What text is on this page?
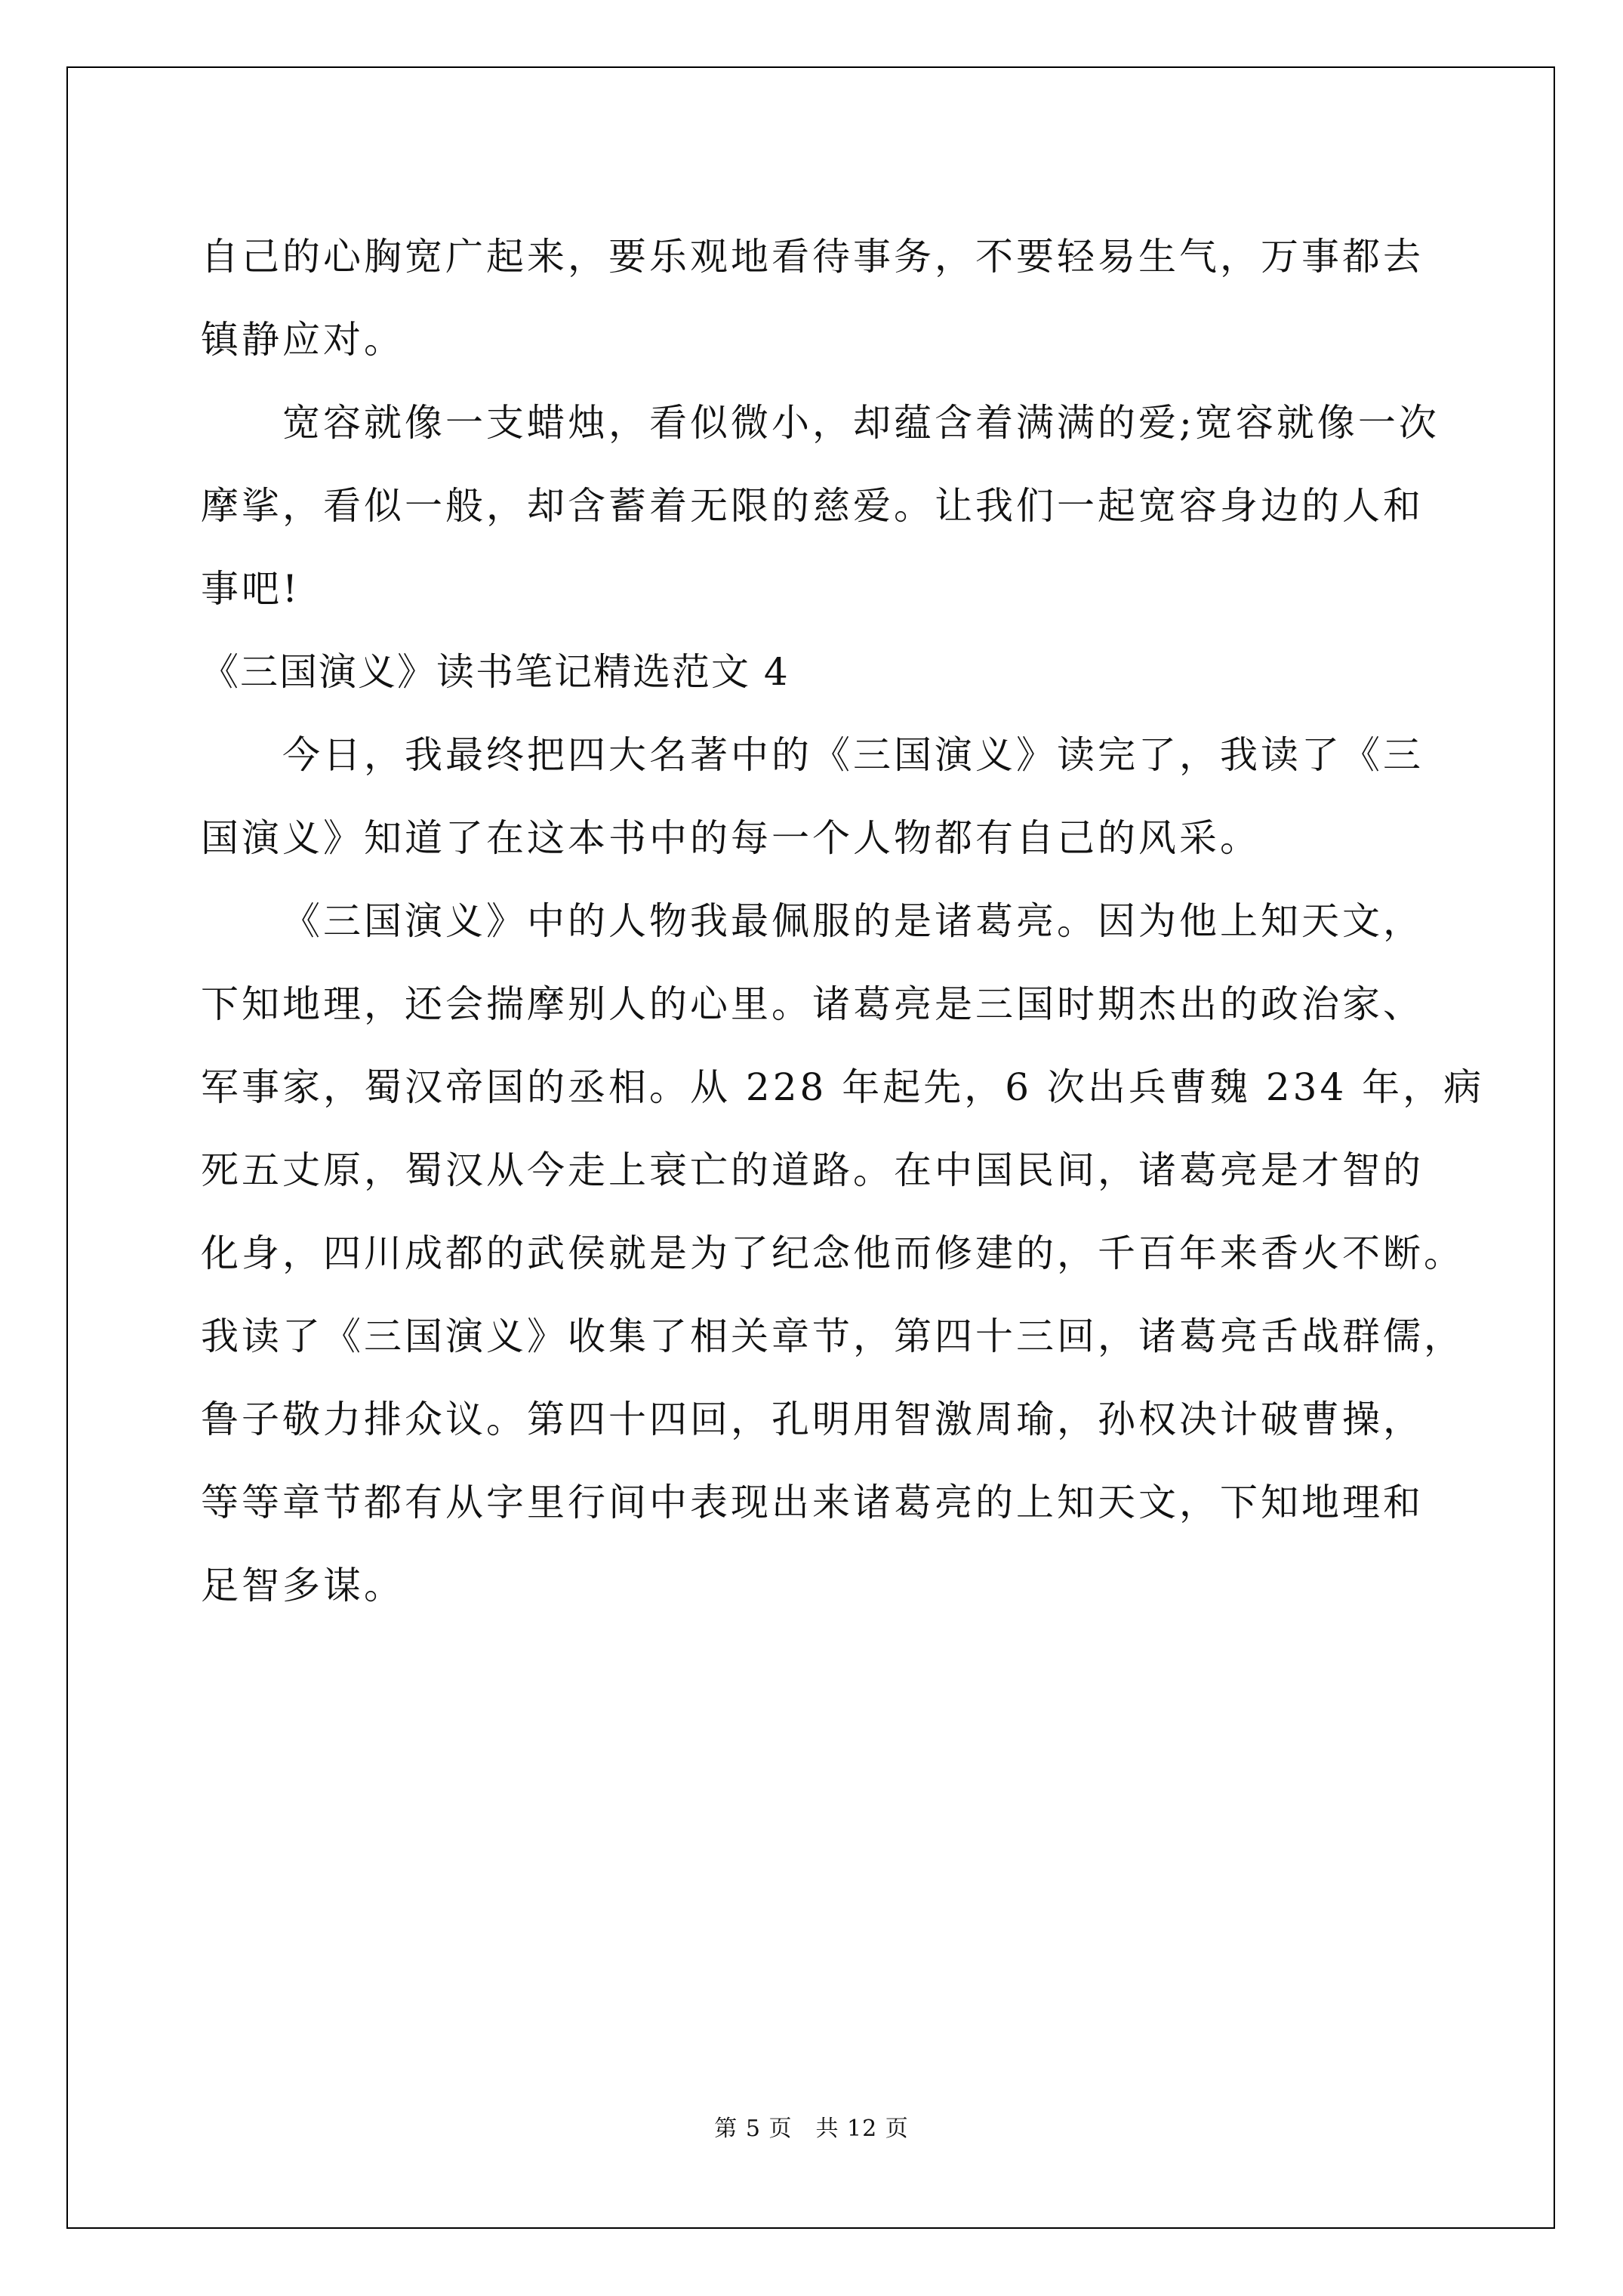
自己的心胸宽广起来，要乐观地看待事务，不要轻易生气，万事都去
镇静应对。
宽容就像一支蜡烛，看似微小，却蕴含着满满的爱;宽容就像一次
摩挲，看似一般，却含蓄着无限的慈爱。让我们一起宽容身边的人和
事吧!
《三国演义》读书笔记精选范文 4
今日，我最终把四大名著中的《三国演义》读完了，我读了《三
国演义》知道了在这本书中的每一个人物都有自己的风采。
《三国演义》中的人物我最佩服的是诸葛亮。因为他上知天文，
下知地理，还会揣摩别人的心里。诸葛亮是三国时期杰出的政治家、
军事家，蜀汉帝国的丞相。从 228 年起先，6 次出兵曹魏 234 年，病
死五丈原，蜀汉从今走上衰亡的道路。在中国民间，诸葛亮是才智的
化身，四川成都的武侯就是为了纪念他而修建的，千百年来香火不断。
我读了《三国演义》收集了相关章节，第四十三回，诸葛亮舌战群儒，
鲁子敬力排众议。第四十四回，孔明用智激周瑜，孙权决计破曹操，
等等章节都有从字里行间中表现出来诸葛亮的上知天文，下知地理和
足智多谋。
第 5 页　共 12 页
